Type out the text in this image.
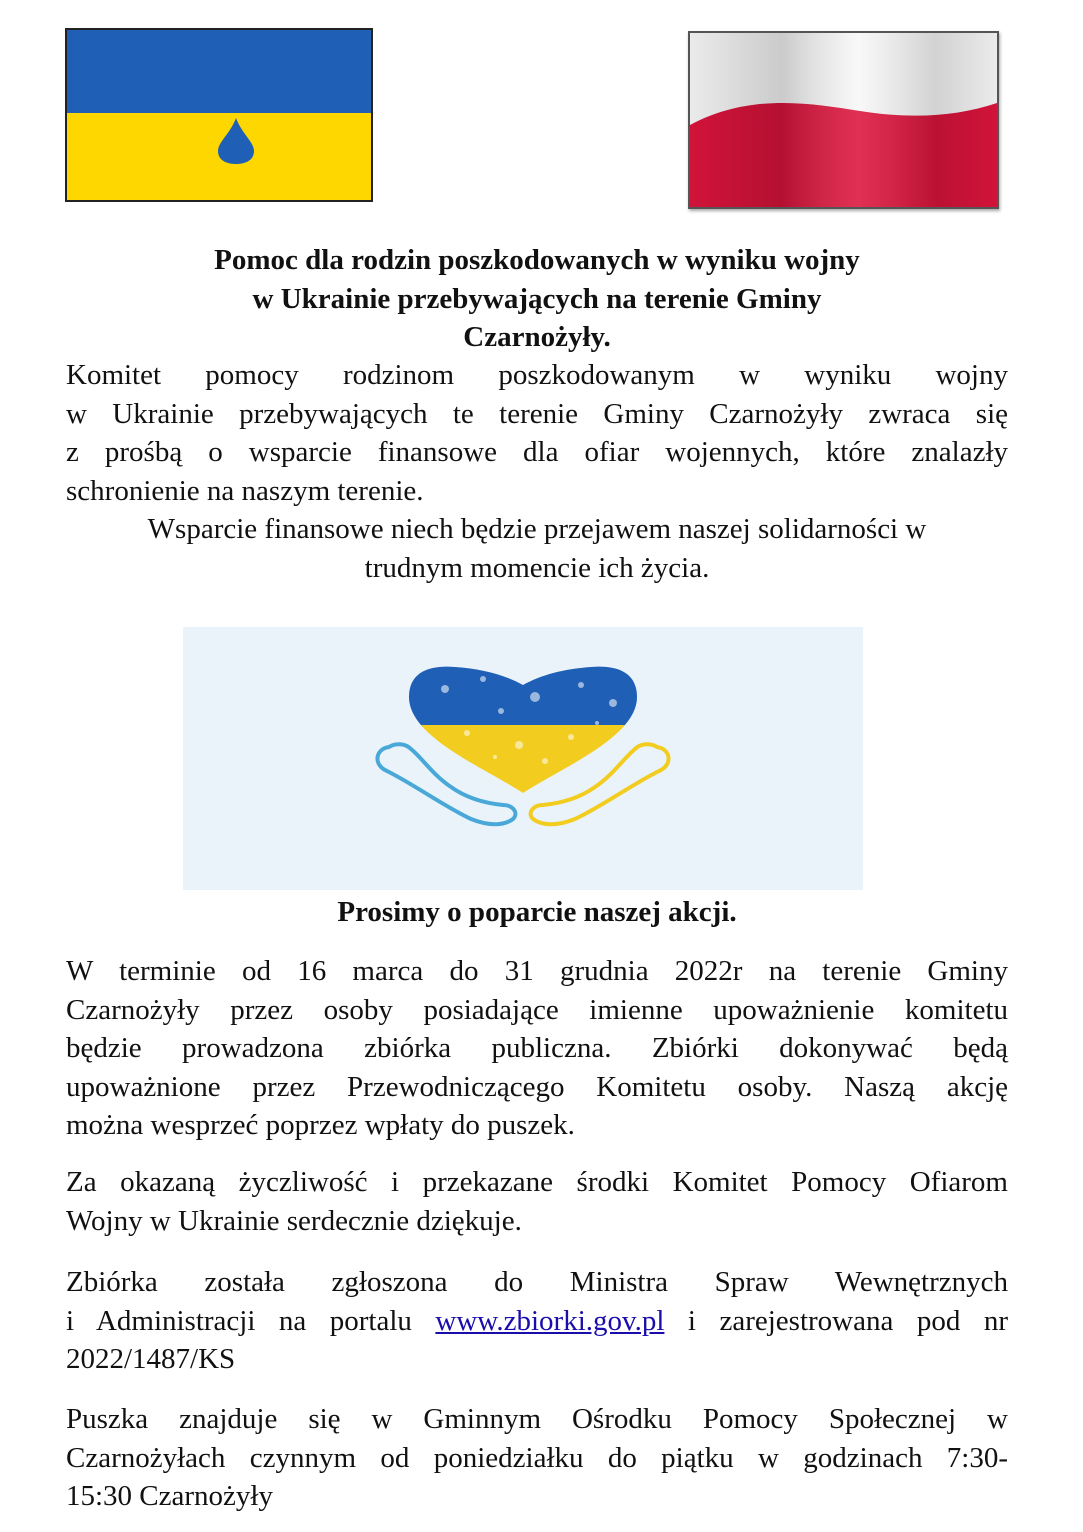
Pomoc dla rodzin poszkodowanych w wyniku wojny
w Ukrainie przebywających na terenie Gminy
Czarnożyły.

Komitet pomocy rodzinom poszkodowanym w wyniku wojny
w Ukrainie przebywających te terenie Gminy Czarnożyły zwraca się
z prośbą o wsparcie finansowe dla ofiar wojennych, które znalazły
schronienie na naszym terenie.

Wsparcie finansowe niech będzie przejawem naszej solidarności w
trudnym momencie ich życia.

Prosimy o poparcie naszej akcji.

W terminie od 16 marca do 31 grudnia 2022r na terenie Gminy
Czarnożyły przez osoby posiadające imienne upoważnienie komitetu
będzie prowadzona zbiórka publiczna. Zbiórki dokonywać będą
upoważnione przez Przewodniczącego Komitetu osoby. Naszą akcję
można wesprzeć poprzez wpłaty do puszek.

Za okazaną życzliwość i przekazane środki Komitet Pomocy Ofiarom
Wojny w Ukrainie serdecznie dziękuje.

Zbiórka została zgłoszona do Ministra Spraw Wewnętrznych
i Administracji na portalu www.zbiorki.gov.pl i zarejestrowana pod nr
2022/1487/KS

Puszka znajduje się w Gminnym Ośrodku Pomocy Społecznej w
Czarnożyłach czynnym od poniedziałku do piątku w godzinach 7:30-
15:30 Czarnożyły
